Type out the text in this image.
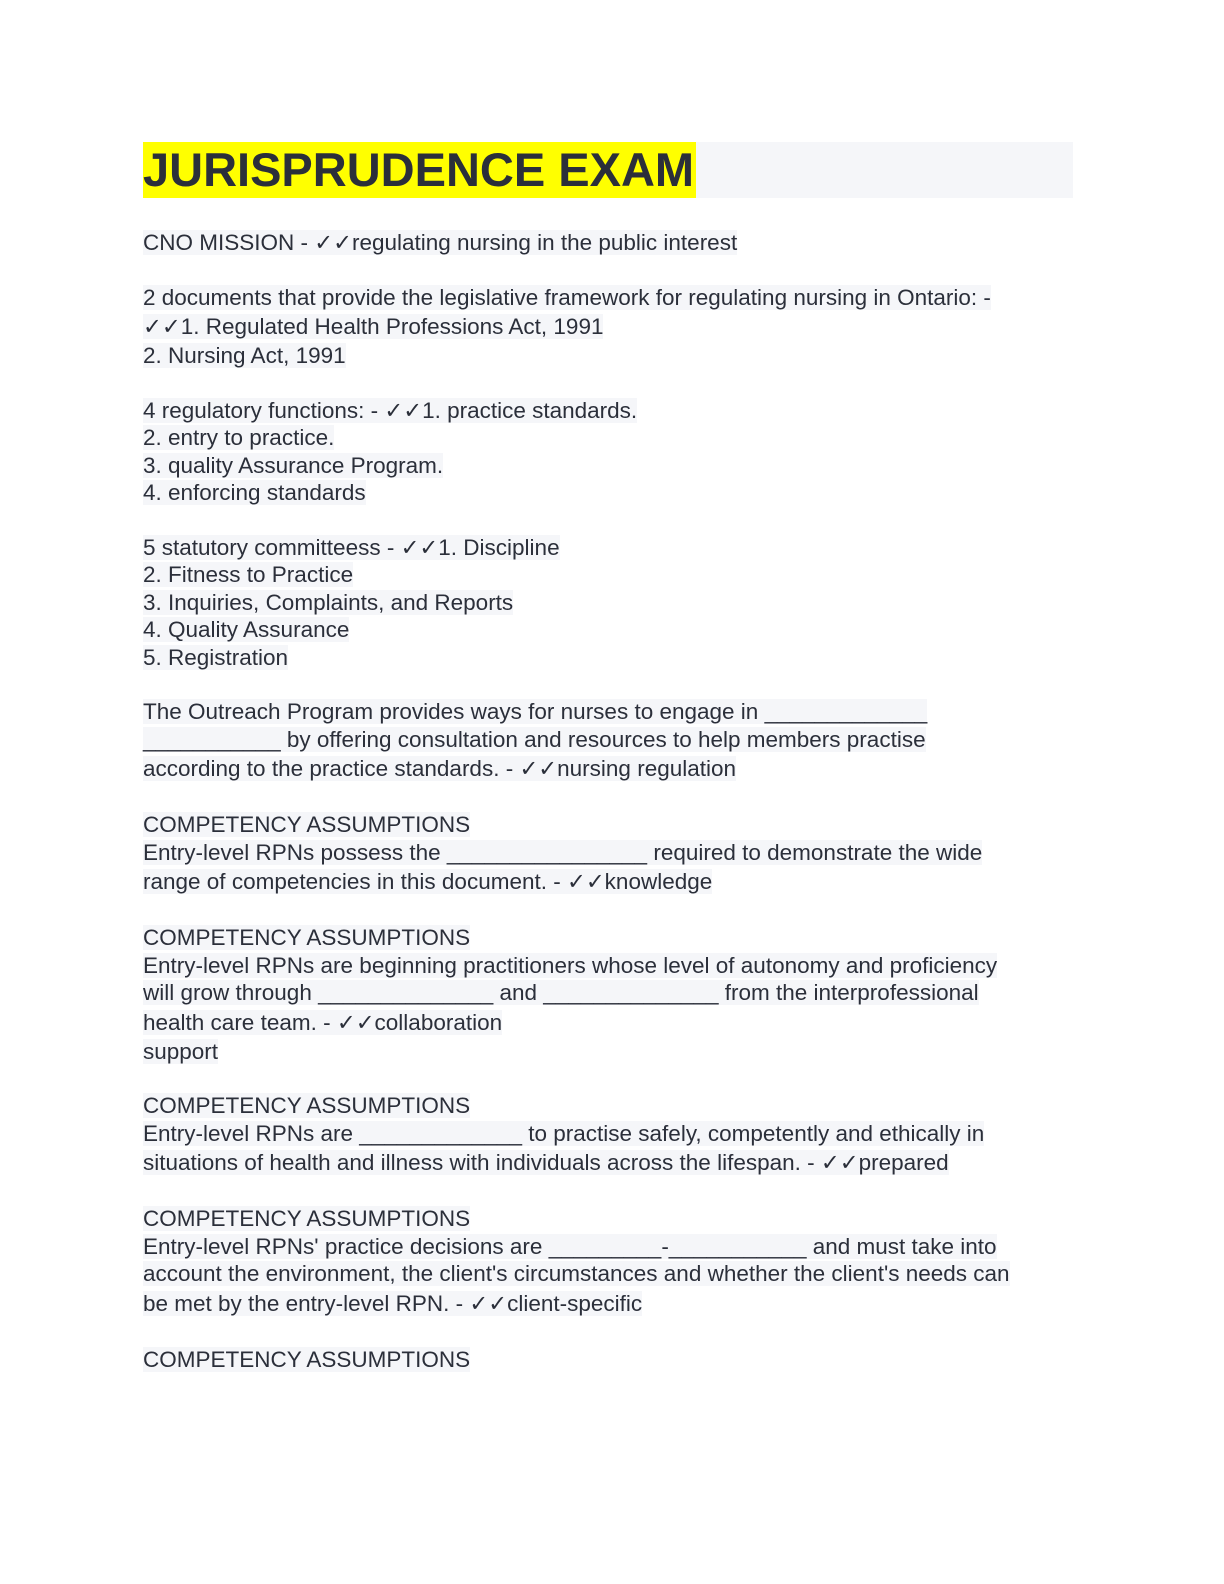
JURISPRUDENCE EXAM
CNO MISSION - ✓✓regulating nursing in the public interest
2 documents that provide the legislative framework for regulating nursing in Ontario: -
✓✓1. Regulated Health Professions Act, 1991
2. Nursing Act, 1991
4 regulatory functions: - ✓✓1. practice standards.
2. entry to practice.
3. quality Assurance Program.
4. enforcing standards
5 statutory committeess - ✓✓1. Discipline
2. Fitness to Practice
3. Inquiries, Complaints, and Reports
4. Quality Assurance
5. Registration
The Outreach Program provides ways for nurses to engage in _____________
___________ by offering consultation and resources to help members practise
according to the practice standards. - ✓✓nursing regulation
COMPETENCY ASSUMPTIONS
Entry-level RPNs possess the ________________ required to demonstrate the wide
range of competencies in this document. - ✓✓knowledge
COMPETENCY ASSUMPTIONS
Entry-level RPNs are beginning practitioners whose level of autonomy and proficiency
will grow through ______________ and ______________ from the interprofessional
health care team. - ✓✓collaboration
support
COMPETENCY ASSUMPTIONS
Entry-level RPNs are _____________ to practise safely, competently and ethically in
situations of health and illness with individuals across the lifespan. - ✓✓prepared
COMPETENCY ASSUMPTIONS
Entry-level RPNs' practice decisions are _________-___________ and must take into
account the environment, the client's circumstances and whether the client's needs can
be met by the entry-level RPN. - ✓✓client-specific
COMPETENCY ASSUMPTIONS
